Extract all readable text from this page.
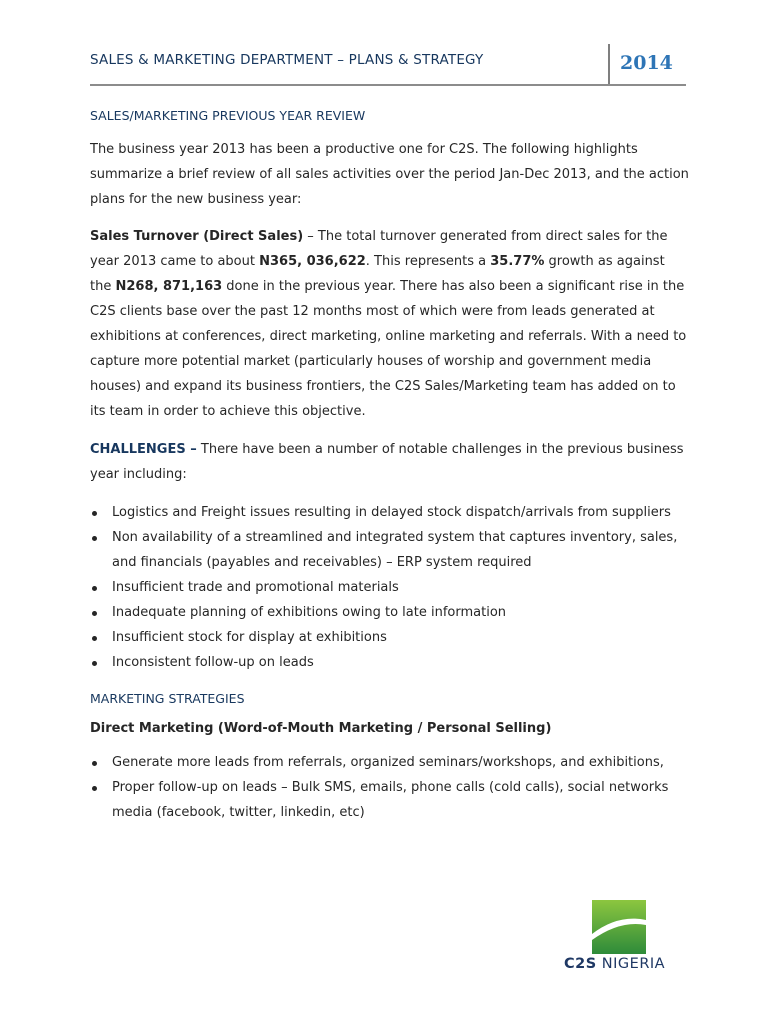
SALES & MARKETING DEPARTMENT – PLANS & STRATEGY	2014

SALES/MARKETING PREVIOUS YEAR REVIEW

The business year 2013 has been a productive one for C2S. The following highlights summarize a brief review of all sales activities over the period Jan-Dec 2013, and the action plans for the new business year:

Sales Turnover (Direct Sales) – The total turnover generated from direct sales for the year 2013 came to about N365, 036,622. This represents a 35.77% growth as against the N268, 871,163 done in the previous year. There has also been a significant rise in the C2S clients base over the past 12 months most of which were from leads generated at exhibitions at conferences, direct marketing, online marketing and referrals. With a need to capture more potential market (particularly houses of worship and government media houses) and expand its business frontiers, the C2S Sales/Marketing team has added on to its team in order to achieve this objective.

CHALLENGES – There have been a number of notable challenges in the previous business year including:

Logistics and Freight issues resulting in delayed stock dispatch/arrivals from suppliers
Non availability of a streamlined and integrated system that captures inventory, sales, and financials (payables and receivables) – ERP system required
Insufficient trade and promotional materials
Inadequate planning of exhibitions owing to late information
Insufficient stock for display at exhibitions
Inconsistent follow-up on leads

MARKETING STRATEGIES

Direct Marketing (Word-of-Mouth Marketing / Personal Selling)

Generate more leads from referrals, organized seminars/workshops, and exhibitions,
Proper follow-up on leads – Bulk SMS, emails, phone calls (cold calls), social networks media (facebook, twitter, linkedin, etc)
C2S NIGERIA
